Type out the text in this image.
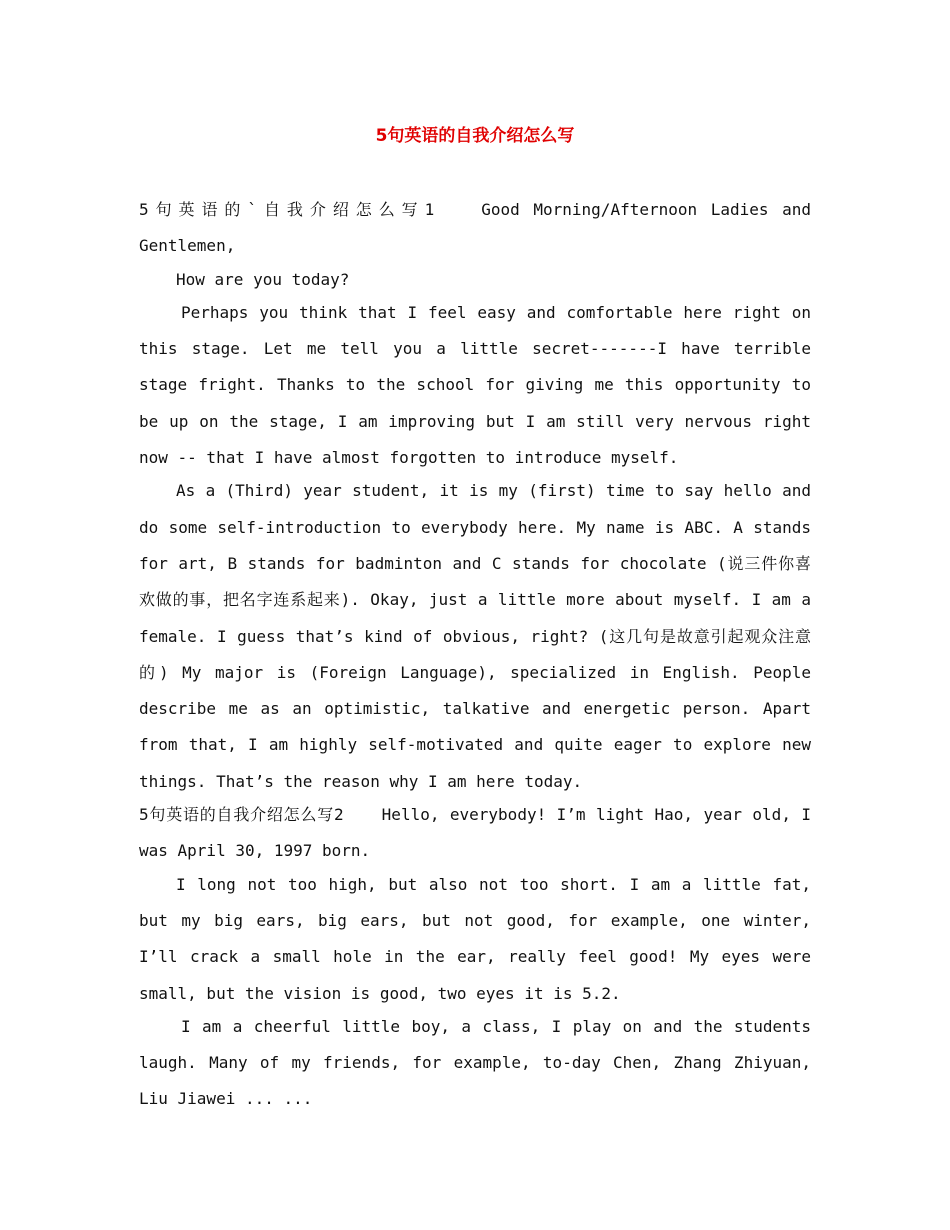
5句英语的自我介绍怎么写

5句英语的`自我介绍怎么写1	Good Morning/Afternoon Ladies and Gentlemen,

How are you today?

Perhaps you think that I feel easy and comfortable here right on this stage. Let me tell you a little secret-------I have terrible stage fright. Thanks to the school for giving me this opportunity to be up on the stage, I am improving but I am still very nervous right now -- that I have almost forgotten to introduce myself.

As a (Third) year student, it is my (first) time to say hello and do some self-introduction to everybody here. My name is ABC. A stands for art, B stands for badminton and C stands for chocolate (说三件你喜欢做的事，把名字连系起来). Okay, just a little more about myself. I am a female. I guess that’s kind of obvious, right? (这几句是故意引起观众注意的) My major is (Foreign Language), specialized in English. People describe me as an optimistic, talkative and energetic person. Apart from that, I am highly self-motivated and quite eager to explore new things. That’s the reason why I am here today.

5句英语的自我介绍怎么写2 Hello, everybody! I’m light Hao, year old, I was April 30, 1997 born.

I long not too high, but also not too short. I am a little fat, but my big ears, big ears, but not good, for example, one winter, I’ll crack a small hole in the ear, really feel good! My eyes were small, but the vision is good, two eyes it is 5.2.

I am a cheerful little boy, a class, I play on and the students laugh. Many of my friends, for example, to-day Chen, Zhang Zhiyuan, Liu Jiawei ... ...
